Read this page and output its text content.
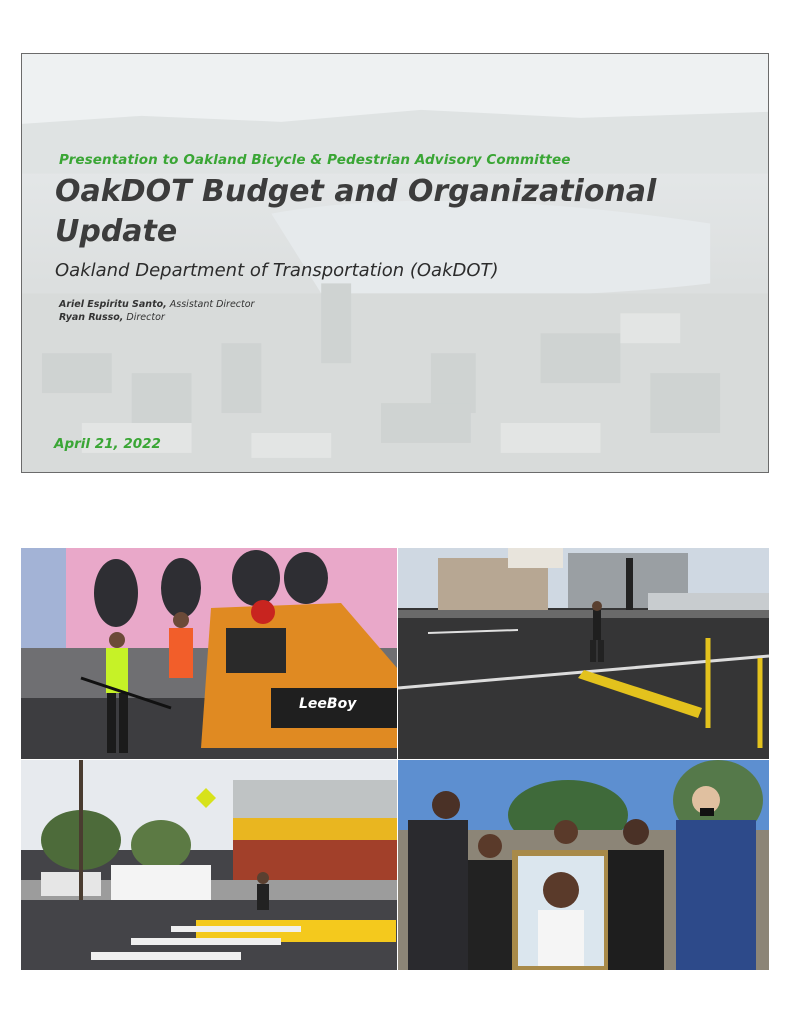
Presentation to Oakland Bicycle & Pedestrian Advisory Committee
OakDOT Budget and Organizational Update
Oakland Department of Transportation (OakDOT)
Ariel Espiritu Santo, Assistant Director
Ryan Russo, Director
April 21, 2022
LeeBoy
